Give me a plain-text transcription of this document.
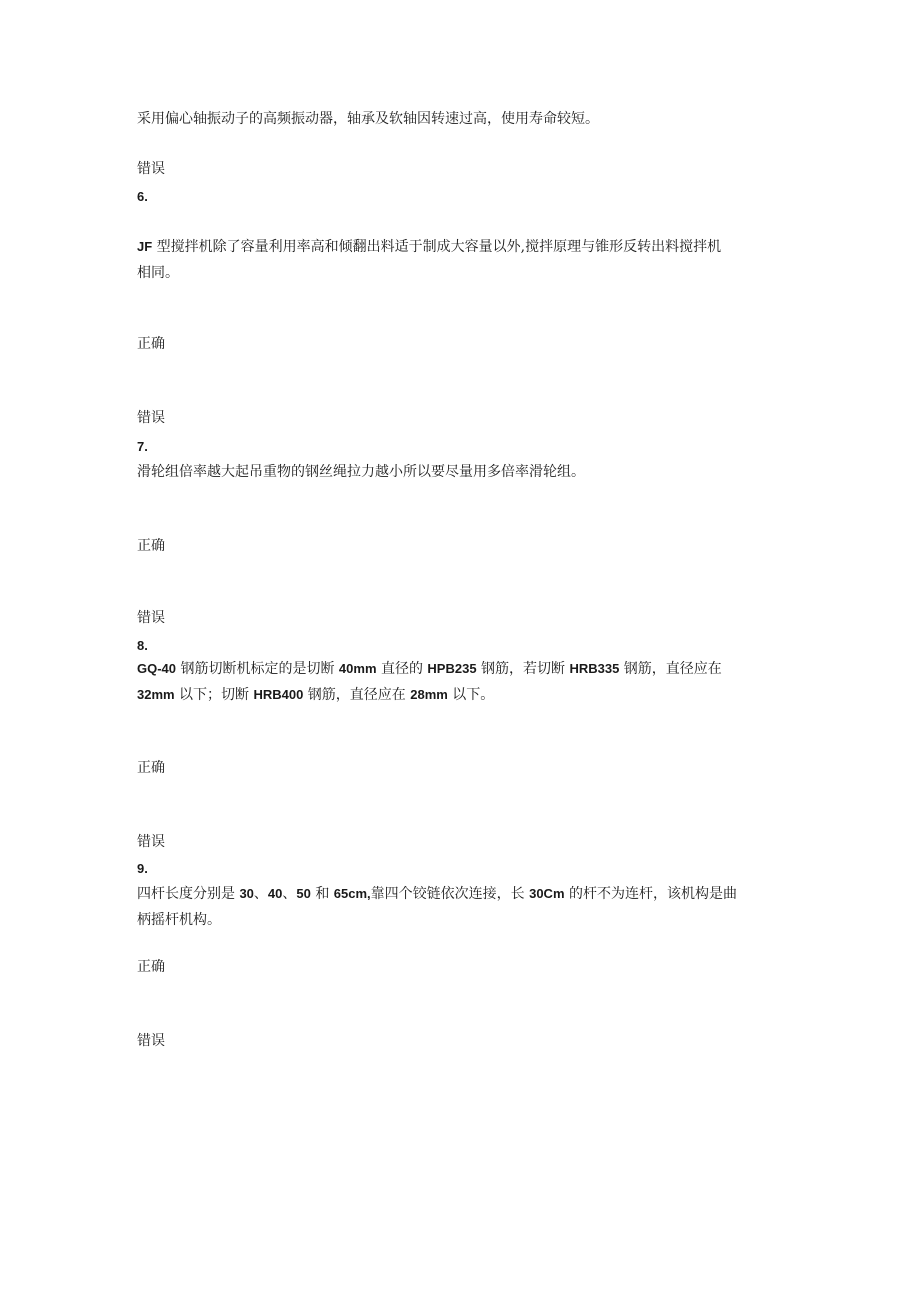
采用偏心轴振动子的高频振动器，轴承及软轴因转速过高，使用寿命较短。
错误
6.
JF 型搅拌机除了容量利用率高和倾翻出料适于制成大容量以外,搅拌原理与锥形反转出料搅拌机
相同。
正确
错误
7.
滑轮组倍率越大起吊重物的钢丝绳拉力越小所以要尽量用多倍率滑轮组。
正确
错误
8.
GQ-40 钢筋切断机标定的是切断 40mm 直径的 HPB235 钢筋，若切断 HRB335 钢筋，直径应在
32mm 以下；切断 HRB400 钢筋，直径应在 28mm 以下。
正确
错误
9.
四杆长度分别是 30、40、50 和 65cm,靠四个铰链依次连接，长 30Cm 的杆不为连杆，该机构是曲
柄摇杆机构。
正确
错误
